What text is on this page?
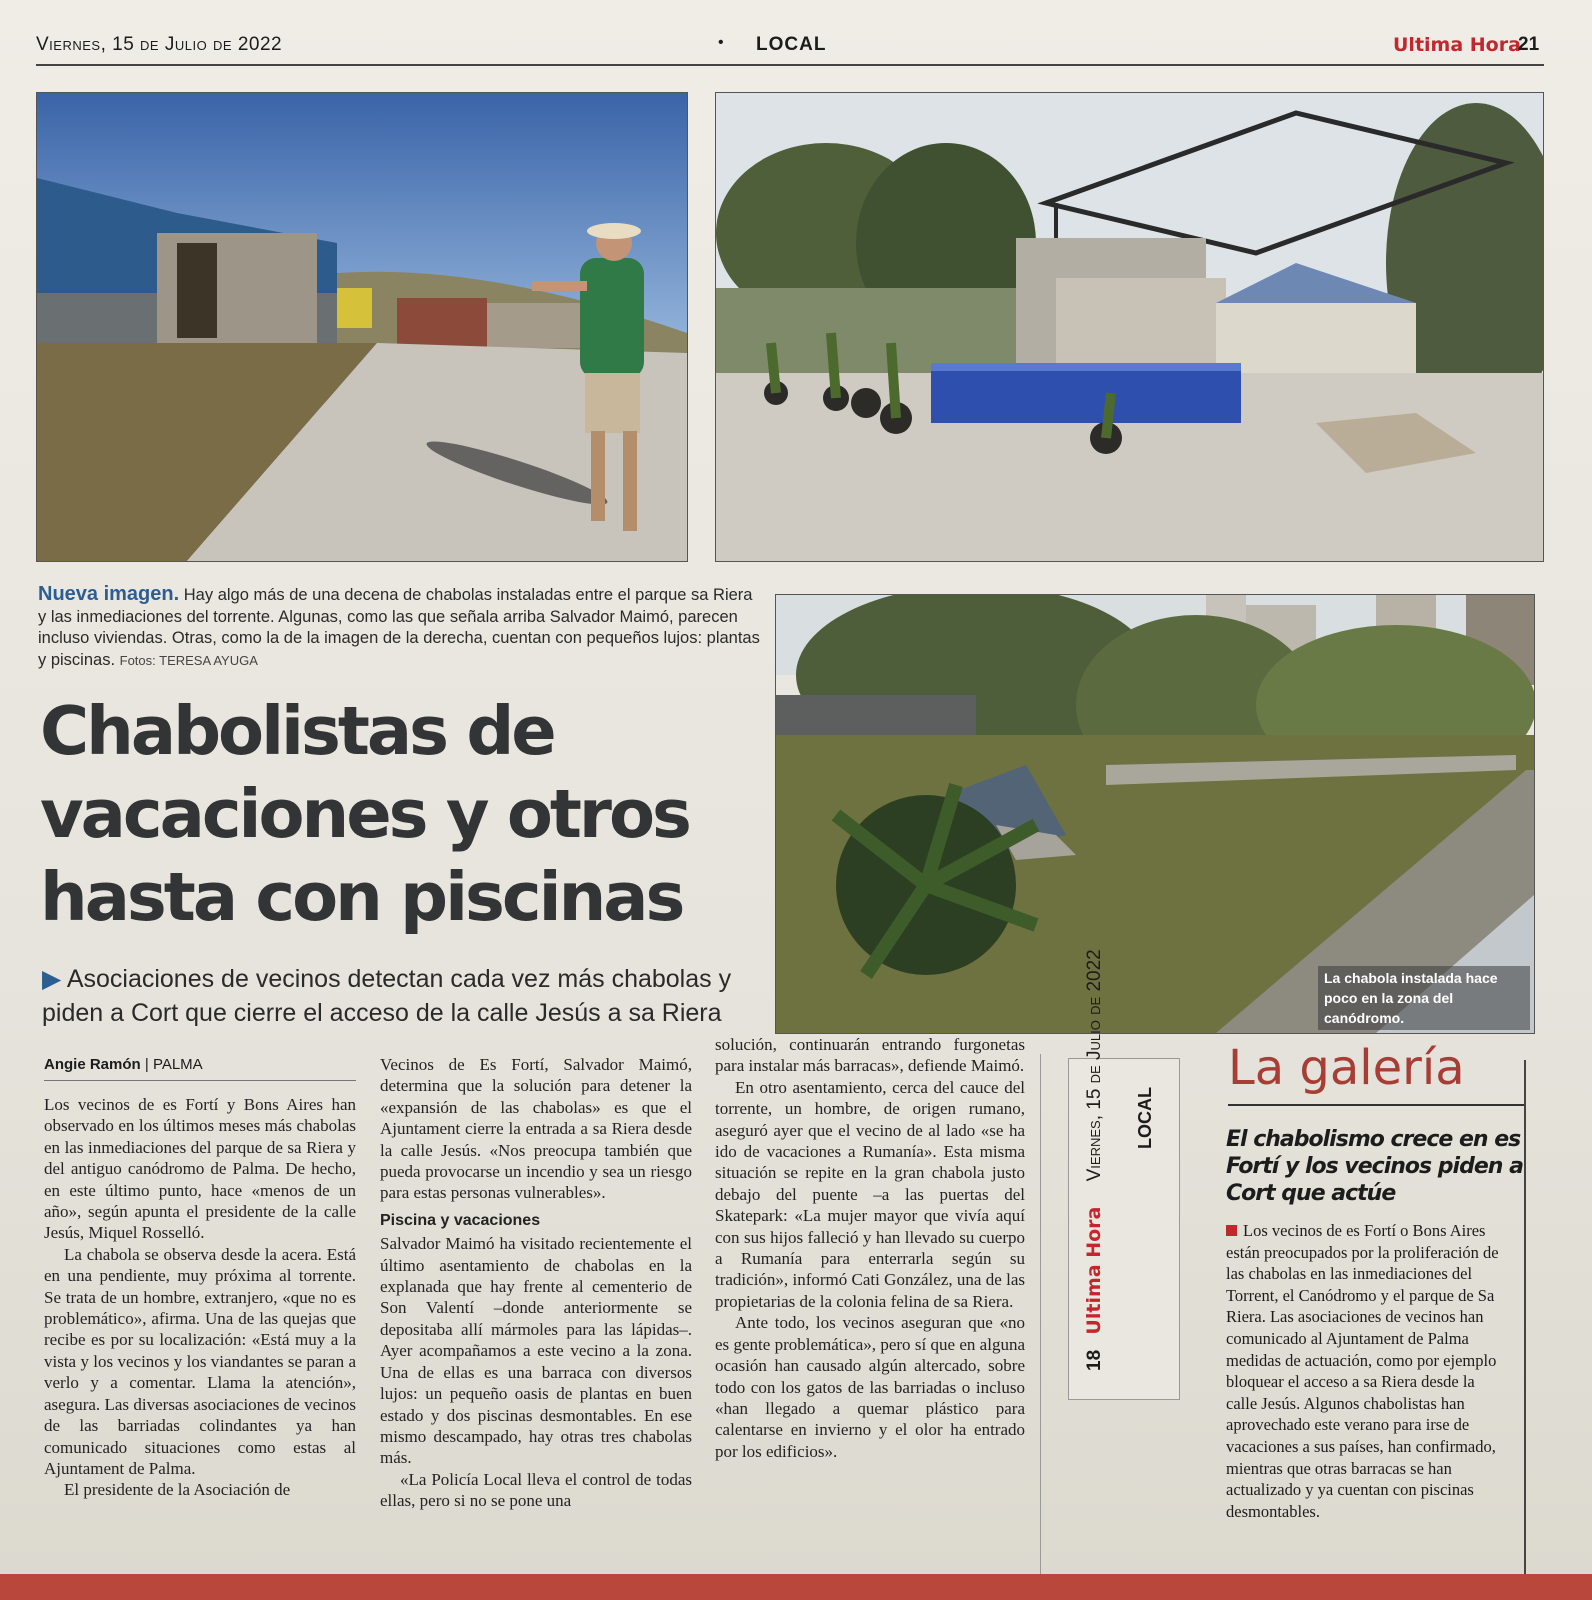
Viernes, 15 de Julio de 2022	• LOCAL	Ultima Hora
21
Nueva imagen. Hay algo más de una decena de chabolas instaladas entre el parque sa Riera y las inmediaciones del torrente. Algunas, como las que señala arriba Salvador Maimó, parecen incluso viviendas. Otras, como la de la imagen de la derecha, cuentan con pequeños lujos: plantas y piscinas. Fotos: TERESA AYUGA
La chabola instalada hace poco en la zona del canódromo.
Chabolistas de vacaciones y otros hasta con piscinas
▶ Asociaciones de vecinos detectan cada vez más chabolas y piden a Cort que cierre el acceso de la calle Jesús a sa Riera
Angie Ramón | PALMA

Los vecinos de es Fortí y Bons Aires han observado en los últimos meses más chabolas en las inmediaciones del parque de sa Riera y del antiguo canódromo de Palma. De hecho, en este último punto, hace «menos de un año», según apunta el presidente de la calle Jesús, Miquel Rosselló.

La chabola se observa desde la acera. Está en una pendiente, muy próxima al torrente. Se trata de un hombre, extranjero, «que no es problemático», afirma. Una de las quejas que recibe es por su localización: «Está muy a la vista y los vecinos y los viandantes se paran a verlo y a comentar. Llama la atención», asegura. Las diversas asociaciones de vecinos de las barriadas colindantes ya han comunicado situaciones como estas al Ajuntament de Palma.

El presidente de la Asociación de

Vecinos de Es Fortí, Salvador Maimó, determina que la solución para detener la «expansión de las chabolas» es que el Ajuntament cierre la entrada a sa Riera desde la calle Jesús. «Nos preocupa también que pueda provocarse un incendio y sea un riesgo para estas personas vulnerables».

Piscina y vacaciones

Salvador Maimó ha visitado recientemente el último asentamiento de chabolas en la explanada que hay frente al cementerio de Son Valentí –donde anteriormente se depositaba allí mármoles para las lápidas–. Ayer acompañamos a este vecino a la zona. Una de ellas es una barraca con diversos lujos: un pequeño oasis de plantas en buen estado y dos piscinas desmontables. En ese mismo descampado, hay otras tres chabolas más.

«La Policía Local lleva el control de todas ellas, pero si no se pone una

solución, continuarán entrando furgonetas para instalar más barracas», defiende Maimó.

En otro asentamiento, cerca del cauce del torrente, un hombre, de origen rumano, aseguró ayer que el vecino de al lado «se ha ido de vacaciones a Rumanía». Esta misma situación se repite en la gran chabola justo debajo del puente –a las puertas del Skatepark: «La mujer mayor que vivía aquí con sus hijos falleció y han llevado su cuerpo a Rumanía para enterrarla según su tradición», informó Cati González, una de las propietarias de la colonia felina de sa Riera.

Ante todo, los vecinos aseguran que «no es gente problemática», pero sí que en alguna ocasión han causado algún altercado, sobre todo con los gatos de las barriadas o incluso «han llegado a quemar plástico para calentarse en invierno y el olor ha entrado por los edificios».

18 Ultima Hora Viernes, 15 de Julio de 2022 LOCAL
La galería
El chabolismo crece en es Fortí y los vecinos piden a Cort que actúe
Los vecinos de es Fortí o Bons Aires están preocupados por la proliferación de las chabolas en las inmediaciones del Torrent, el Canódromo y el parque de Sa Riera. Las asociaciones de vecinos han comunicado al Ajuntament de Palma medidas de actuación, como por ejemplo bloquear el acceso a sa Riera desde la calle Jesús. Algunos chabolistas han aprovechado este verano para irse de vacaciones a sus países, han confirmado, mientras que otras barracas se han actualizado y ya cuentan con piscinas desmontables.
